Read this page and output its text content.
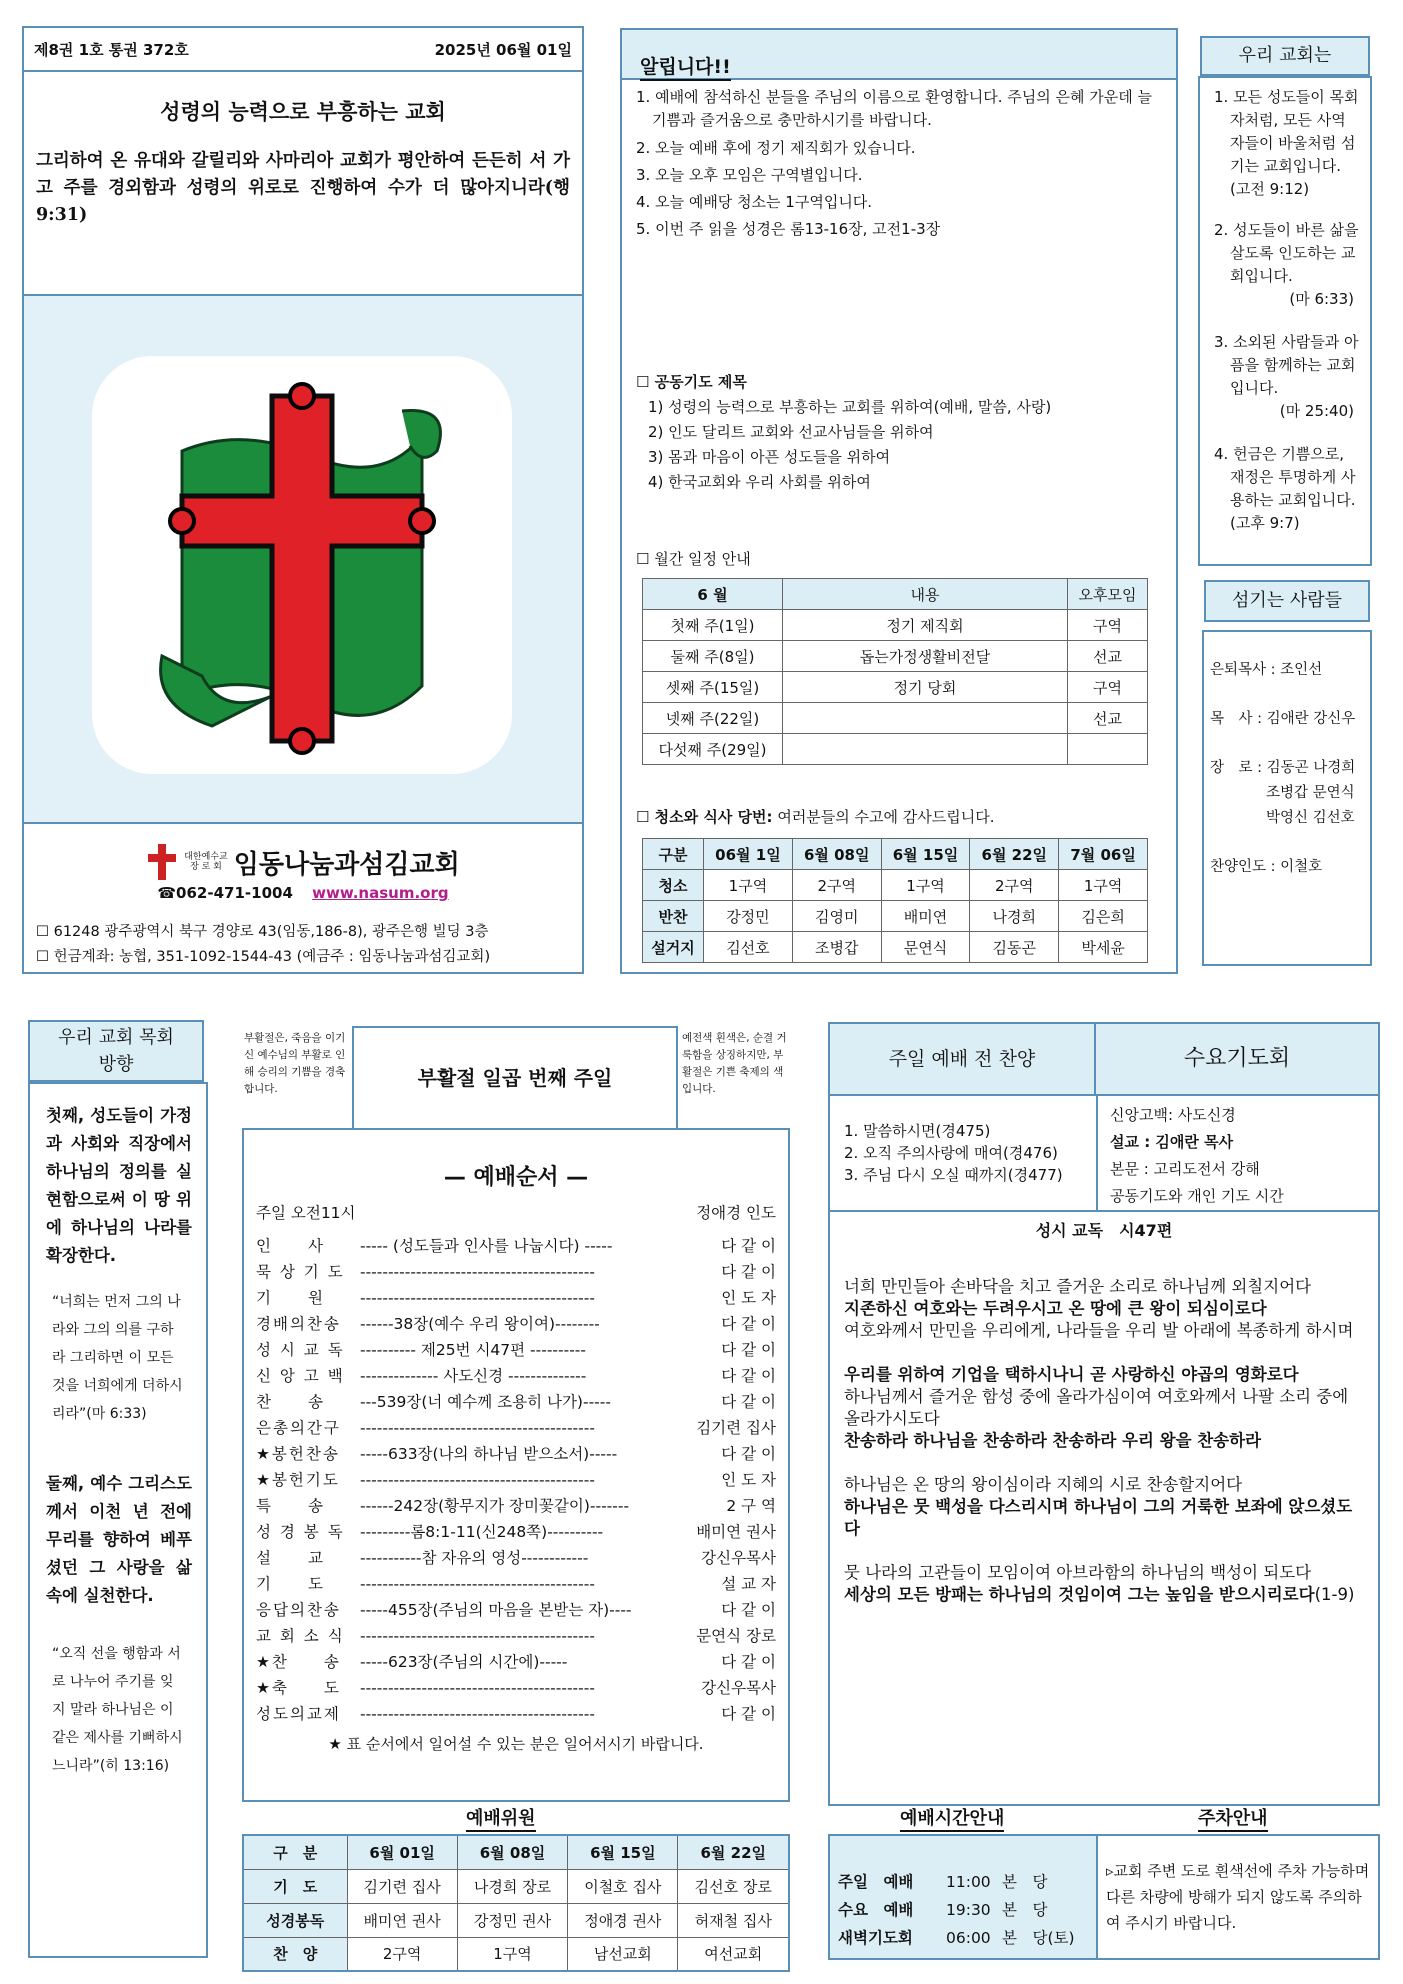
제8권 1호 통권 372호	2025년 06월 01일
성령의 능력으로 부흥하는 교회
그리하여 온 유대와 갈릴리와 사마리아 교회가 평안하여 든든히 서 가고 주를 경외함과 성령의 위로로 진행하여 수가 더 많아지니라(행9:31)
대한예수교
장 로 회 임동나눔과섬김교회
☎062-471-1004 www.nasum.org
☐ 61248 광주광역시 북구 경양로 43(임동,186-8), 광주은행 빌딩 3층
☐ 헌금계좌: 농협, 351-1092-1544-43 (예금주 : 임동나눔과섬김교회)
알립니다!!
1. 예배에 참석하신 분들을 주님의 이름으로 환영합니다. 주님의 은혜 가운데 늘 기쁨과 즐거움으로 충만하시기를 바랍니다.
2. 오늘 예배 후에 정기 제직회가 있습니다.
3. 오늘 오후 모임은 구역별입니다.
4. 오늘 예배당 청소는 1구역입니다.
5. 이번 주 읽을 성경은 롬13-16장, 고전1-3장
☐ 공동기도 제목
1) 성령의 능력으로 부흥하는 교회를 위하여(예배, 말씀, 사랑)
2) 인도 달리트 교회와 선교사님들을 위하여
3) 몸과 마음이 아픈 성도들을 위하여
4) 한국교회와 우리 사회를 위하여
☐ 월간 일정 안내
6 월	내용	오후모임
첫째 주(1일)	정기 제직회	구역
둘째 주(8일)	돕는가정생활비전달	선교
셋째 주(15일)	정기 당회	구역
넷째 주(22일)		선교
다섯째 주(29일)		
☐ 청소와 식사 당번: 여러분들의 수고에 감사드립니다.
구분	06월 1일	6월 08일	6월 15일	6월 22일	7월 06일
청소	1구역	2구역	1구역	2구역	1구역
반찬	강정민	김영미	배미연	나경희	김은희
설거지	김선호	조병갑	문연식	김동곤	박세윤
우리 교회는
1. 모든 성도들이 목회자처럼, 모든 사역자들이 바울처럼 섬기는 교회입니다.(고전 9:12)
2. 성도들이 바른 삶을 살도록 인도하는 교회입니다.
(마 6:33)
3. 소외된 사람들과 아픔을 함께하는 교회입니다.
(마 25:40)
4. 헌금은 기쁨으로, 재정은 투명하게 사용하는 교회입니다. (고후 9:7)
섬기는 사람들
은퇴목사 : 조인선
목　사 : 김애란 강신우
장　로 : 김동곤 나경희
조병갑 문연식
박영신 김선호
찬양인도 : 이철호
우리 교회 목회 방향
첫째, 성도들이 가정과 사회와 직장에서 하나님의 정의를 실현함으로써 이 땅 위에 하나님의 나라를 확장한다.
“너희는 먼저 그의 나라와 그의 의를 구하라 그리하면 이 모든 것을 너희에게 더하시리라”(마 6:33)
둘째, 예수 그리스도께서 이천 년 전에 무리를 향하여 베푸셨던 그 사랑을 삶 속에 실천한다.
“오직 선을 행함과 서로 나누어 주기를 잊지 말라 하나님은 이 같은 제사를 기뻐하시느니라”(히 13:16)
부활절은, 죽음을 이기신 예수님의 부활로 인해 승리의 기쁨을 경축합니다.	부활절 일곱 번째 주일
예전색 흰색은, 순결 거룩함을 상징하지만, 부활절은 기쁜 축제의 색입니다.
— 예배순서 —
주일 오전11시	정애경 인도
인　　사	----- (성도들과 인사를 나눕시다) -----	다 같 이
묵 상 기 도 ------------------------------------------	다 같 이
기　　원	------------------------------------------	인 도 자
경배의찬송	------38장(예수 우리 왕이여)--------	다 같 이
성 시 교 독 ---------- 제25번 시47편 ----------	다 같 이
신 앙 고 백 -------------- 사도신경 --------------	다 같 이
찬　　송	---539장(너 예수께 조용히 나가)-----	다 같 이
은총의간구	------------------------------------------	김기련 집사
★봉헌찬송	-----633장(나의 하나님 받으소서)-----	다 같 이
★봉헌기도	------------------------------------------	인 도 자
특　　송	------242장(황무지가 장미꽃같이)-------	2 구 역
성 경 봉 독 ---------롬8:1-11(신248쪽)----------	배미연 권사
설　　교	-----------참 자유의 영성------------	강신우목사
기　　도	------------------------------------------	설 교 자
응답의찬송	-----455장(주님의 마음을 본받는 자)----	다 같 이
교 회 소 식 ------------------------------------------	문연식 장로
★찬　　송	-----623장(주님의 시간에)-----	다 같 이
★축　　도	------------------------------------------	강신우목사
성도의교제	------------------------------------------	다 같 이
★ 표 순서에서 일어설 수 있는 분은 일어서시기 바랍니다.
예배위원
구　분	6월 01일	6월 08일	6월 15일	6월 22일
기　도	김기련 집사	나경희 장로	이철호 집사	김선호 장로
성경봉독	배미연 권사	강정민 권사	정애경 권사	허재철 집사
찬　양	2구역	1구역	남선교회	여선교회
주일 예배 전 찬양	수요기도회
1. 말씀하시면(경475)
2. 오직 주의사랑에 매여(경476)
3. 주님 다시 오실 때까지(경477)
신앙고백: 사도신경
설교 : 김애란 목사
본문 : 고리도전서 강해
공동기도와 개인 기도 시간
성시 교독　시47편
너희 만민들아 손바닥을 치고 즐거운 소리로 하나님께 외칠지어다
지존하신 여호와는 두려우시고 온 땅에 큰 왕이 되심이로다
여호와께서 만민을 우리에게, 나라들을 우리 발 아래에 복종하게 하시며
우리를 위하여 기업을 택하시나니 곧 사랑하신 야곱의 영화로다
하나님께서 즐거운 함성 중에 올라가심이여 여호와께서 나팔 소리 중에 올라가시도다
찬송하라 하나님을 찬송하라 찬송하라 우리 왕을 찬송하라
하나님은 온 땅의 왕이심이라 지혜의 시로 찬송할지어다
하나님은 뭇 백성을 다스리시며 하나님이 그의 거룩한 보좌에 앉으셨도다
뭇 나라의 고관들이 모임이여 아브라함의 하나님의 백성이 되도다
세상의 모든 방패는 하나님의 것임이여 그는 높임을 받으시리로다(1-9)
예배시간안내	주차안내
주일　예배	11:00 본　당
수요　예배	19:30 본　당
새벽기도회	06:00 본　당(토)
▹교회 주변 도로 흰색선에 주차 가능하며 다른 차량에 방해가 되지 않도록 주의하여 주시기 바랍니다.
